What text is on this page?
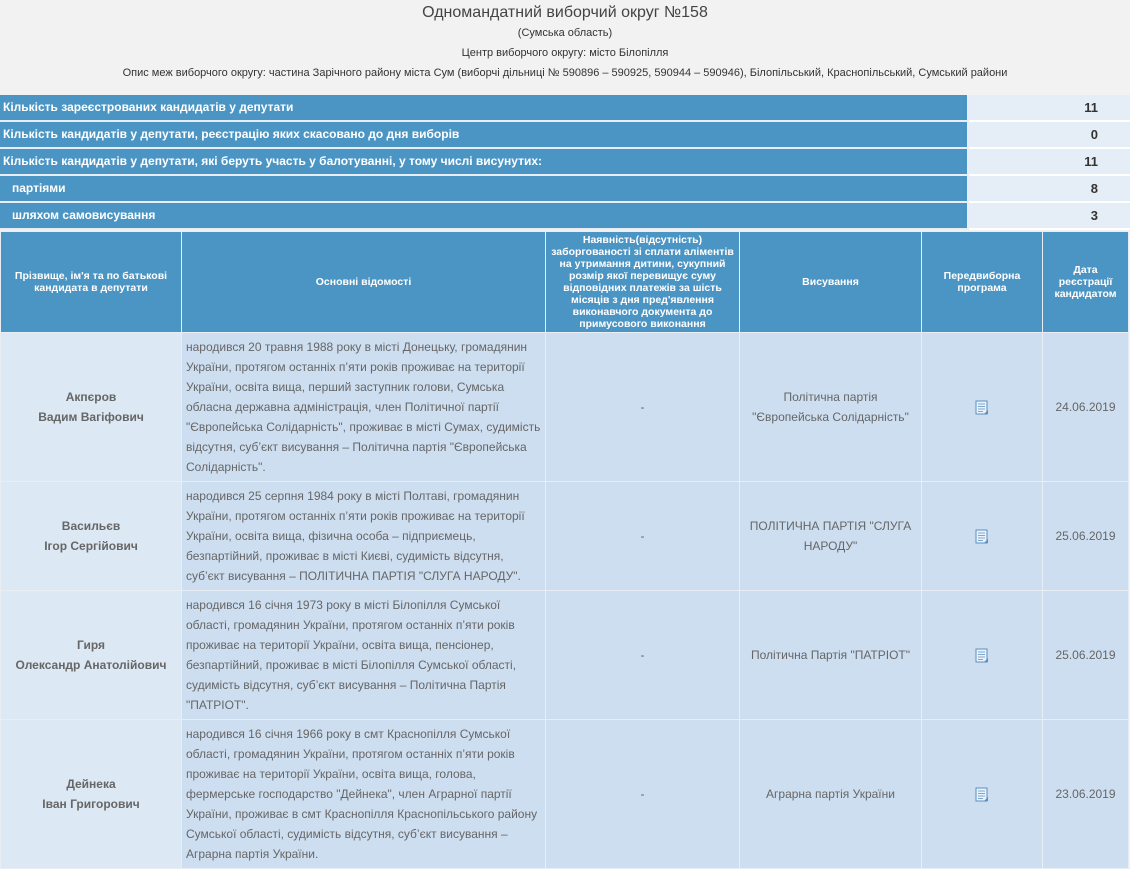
Одномандатний виборчий округ №158
(Сумська область)
Центр виборчого округу: місто Білопілля
Опис меж виборчого округу: частина Зарічного району міста Сум (виборчі дільниці № 590896 – 590925, 590944 – 590946), Білопільський, Краснопільський, Сумський райони
Кількість зареєстрованих кандидатів у депутати	11
Кількість кандидатів у депутати, реєстрацію яких скасовано до дня виборів	0
Кількість кандидатів у депутати, які беруть участь у балотуванні, у тому числі висунутих:	11
партіями	8
шляхом самовисування	3
Прізвище, ім'я та по батькові кандидата в депутати	Основні відомості	Наявність(відсутність) заборгованості зі сплати аліментів на утримання дитини, сукупний розмір якої перевищує суму відповідних платежів за шість місяців з дня пред'явлення виконавчого документа до примусового виконання	Висування	Передвиборна програма	Дата реєстрації кандидатом
Акпєров
Вадим Вагіфович	народився 20 травня 1988 року в місті Донецьку, громадянин України, протягом останніх п’яти років проживає на території України, освіта вища, перший заступник голови, Сумська обласна державна адміністрація, член Політичної партії "Європейська Солідарність", проживає в місті Сумах, судимість відсутня, суб’єкт висування – Політична партія "Європейська Солідарність".	-	Політична партія "Європейська Солідарність"		24.06.2019
Васильєв
Ігор Сергійович	народився 25 серпня 1984 року в місті Полтаві, громадянин України, протягом останніх п’яти років проживає на території України, освіта вища, фізична особа – підприємець, безпартійний, проживає в місті Києві, судимість відсутня, суб’єкт висування – ПОЛІТИЧНА ПАРТІЯ "СЛУГА НАРОДУ".	-	ПОЛІТИЧНА ПАРТІЯ "СЛУГА НАРОДУ"		25.06.2019
Гиря
Олександр Анатолійович	народився 16 січня 1973 року в місті Білопілля Сумської області, громадянин України, протягом останніх п’яти років проживає на території України, освіта вища, пенсіонер, безпартійний, проживає в місті Білопілля Сумської області, судимість відсутня, суб’єкт висування – Політична Партія "ПАТРІОТ".	-	Політична Партія "ПАТРІОТ"		25.06.2019
Дейнека
Іван Григорович	народився 16 січня 1966 року в смт Краснопілля Сумської області, громадянин України, протягом останніх п’яти років проживає на території України, освіта вища, голова, фермерське господарство "Дейнека", член Аграрної партії України, проживає в смт Краснопілля Краснопільського району Сумської області, судимість відсутня, суб’єкт висування – Аграрна партія України.	-	Аграрна партія України		23.06.2019
